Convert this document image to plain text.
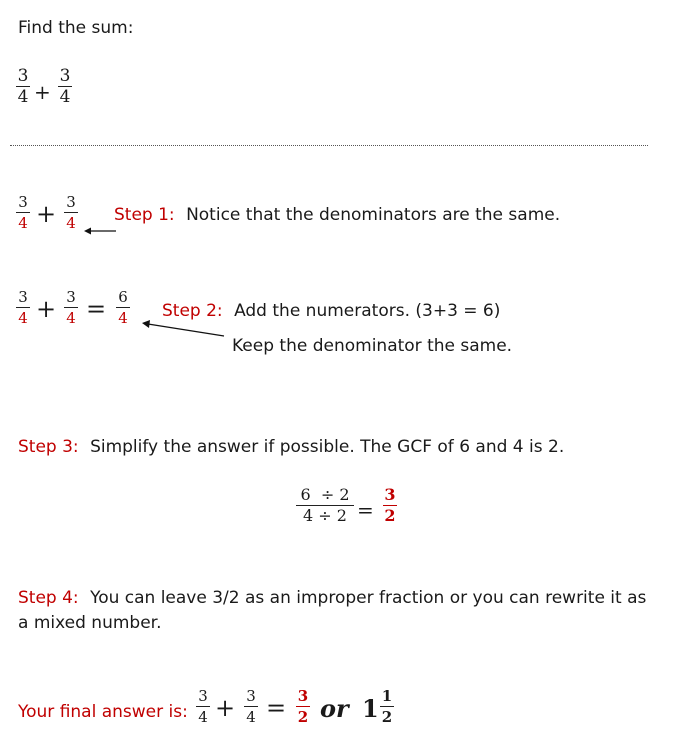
Find the sum:
3
4 +
3
4
3
4 + 3
4 Step 1: Notice that the denominators are the same.
3
4 + 3
4 = 6
4 Step 2: Add the numerators. (3+3 = 6)
Keep the denominator the same.
Step 3: Simplify the answer if possible. The GCF of 6 and 4 is 2.
6  ÷ 2
4 ÷ 2 =
3
2
Step 4: You can leave 3/2 as an improper fraction or you can rewrite it as
a mixed number.
Your final answer is:
3
4 + 3
4 = 3
2 or 1 1
2
